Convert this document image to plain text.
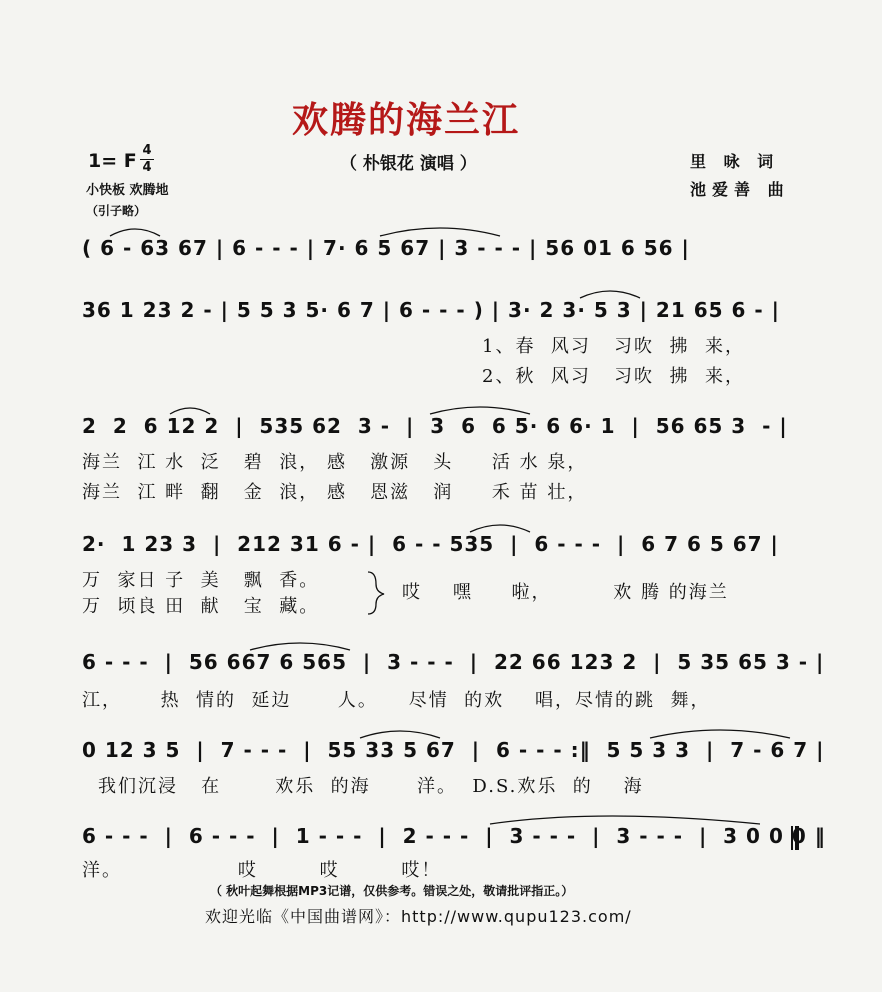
欢腾的海兰江
（ 朴银花 演唱 ）
1= F 4
4
小快板 欢腾地
（引子略）
里 咏 词
池爱善 曲
( 6 - 63 67 | 6 - - - | 7· 6 5 67 | 3 - - - | 56 01 6 56 |
36 1 23 2 - | 5 5 3 5· 6 7 | 6 - - - ) | 3· 2 3· 5 3 | 21 65 6 - |
1、春  风习   习吹  拂  来，
2、秋  风习   习吹  拂  来，
2  2  6 12 2  |  535 62  3 -  |  3  6  6 5· 6 6· 1  |  56 65 3  - |
海兰  江 水  泛   碧  浪， 感   激源   头     活 水 泉，
海兰  江 畔  翻   金  浪， 感   恩滋   润     禾 苗 壮，
2·  1 23 3  |  212 31 6 - |  6 - - 535  |  6 - - -  |  6 7 6 5 67 |
万  家日 子  美   飘  香。
万  顷良 田  献   宝  藏。
哎    嘿     啦，        欢 腾 的海兰
6 - - -  |  56 667 6 565  |  3 - - -  |  22 66 123 2  |  5 35 65 3 - |
江，     热  情的  延边      人。    尽情  的欢    唱，尽情的跳  舞，
0 12 3 5  |  7 - - -  |  55 33 5 67  |  6 - - - :‖  5 5 3 3  |  7 - 6 7 |
我们沉浸   在       欢乐  的海      洋。  D.S.欢乐  的    海
6 - - -  |  6 - - -  |  1 - - -  |  2 - - -  |  3 - - -  |  3 - - -  |  3 0 0 0 ‖
洋。               哎        哎        哎！
（ 秋叶起舞根据MP3记谱，仅供参考。错误之处，敬请批评指正。）
欢迎光临《中国曲谱网》：http://www.qupu123.com/
